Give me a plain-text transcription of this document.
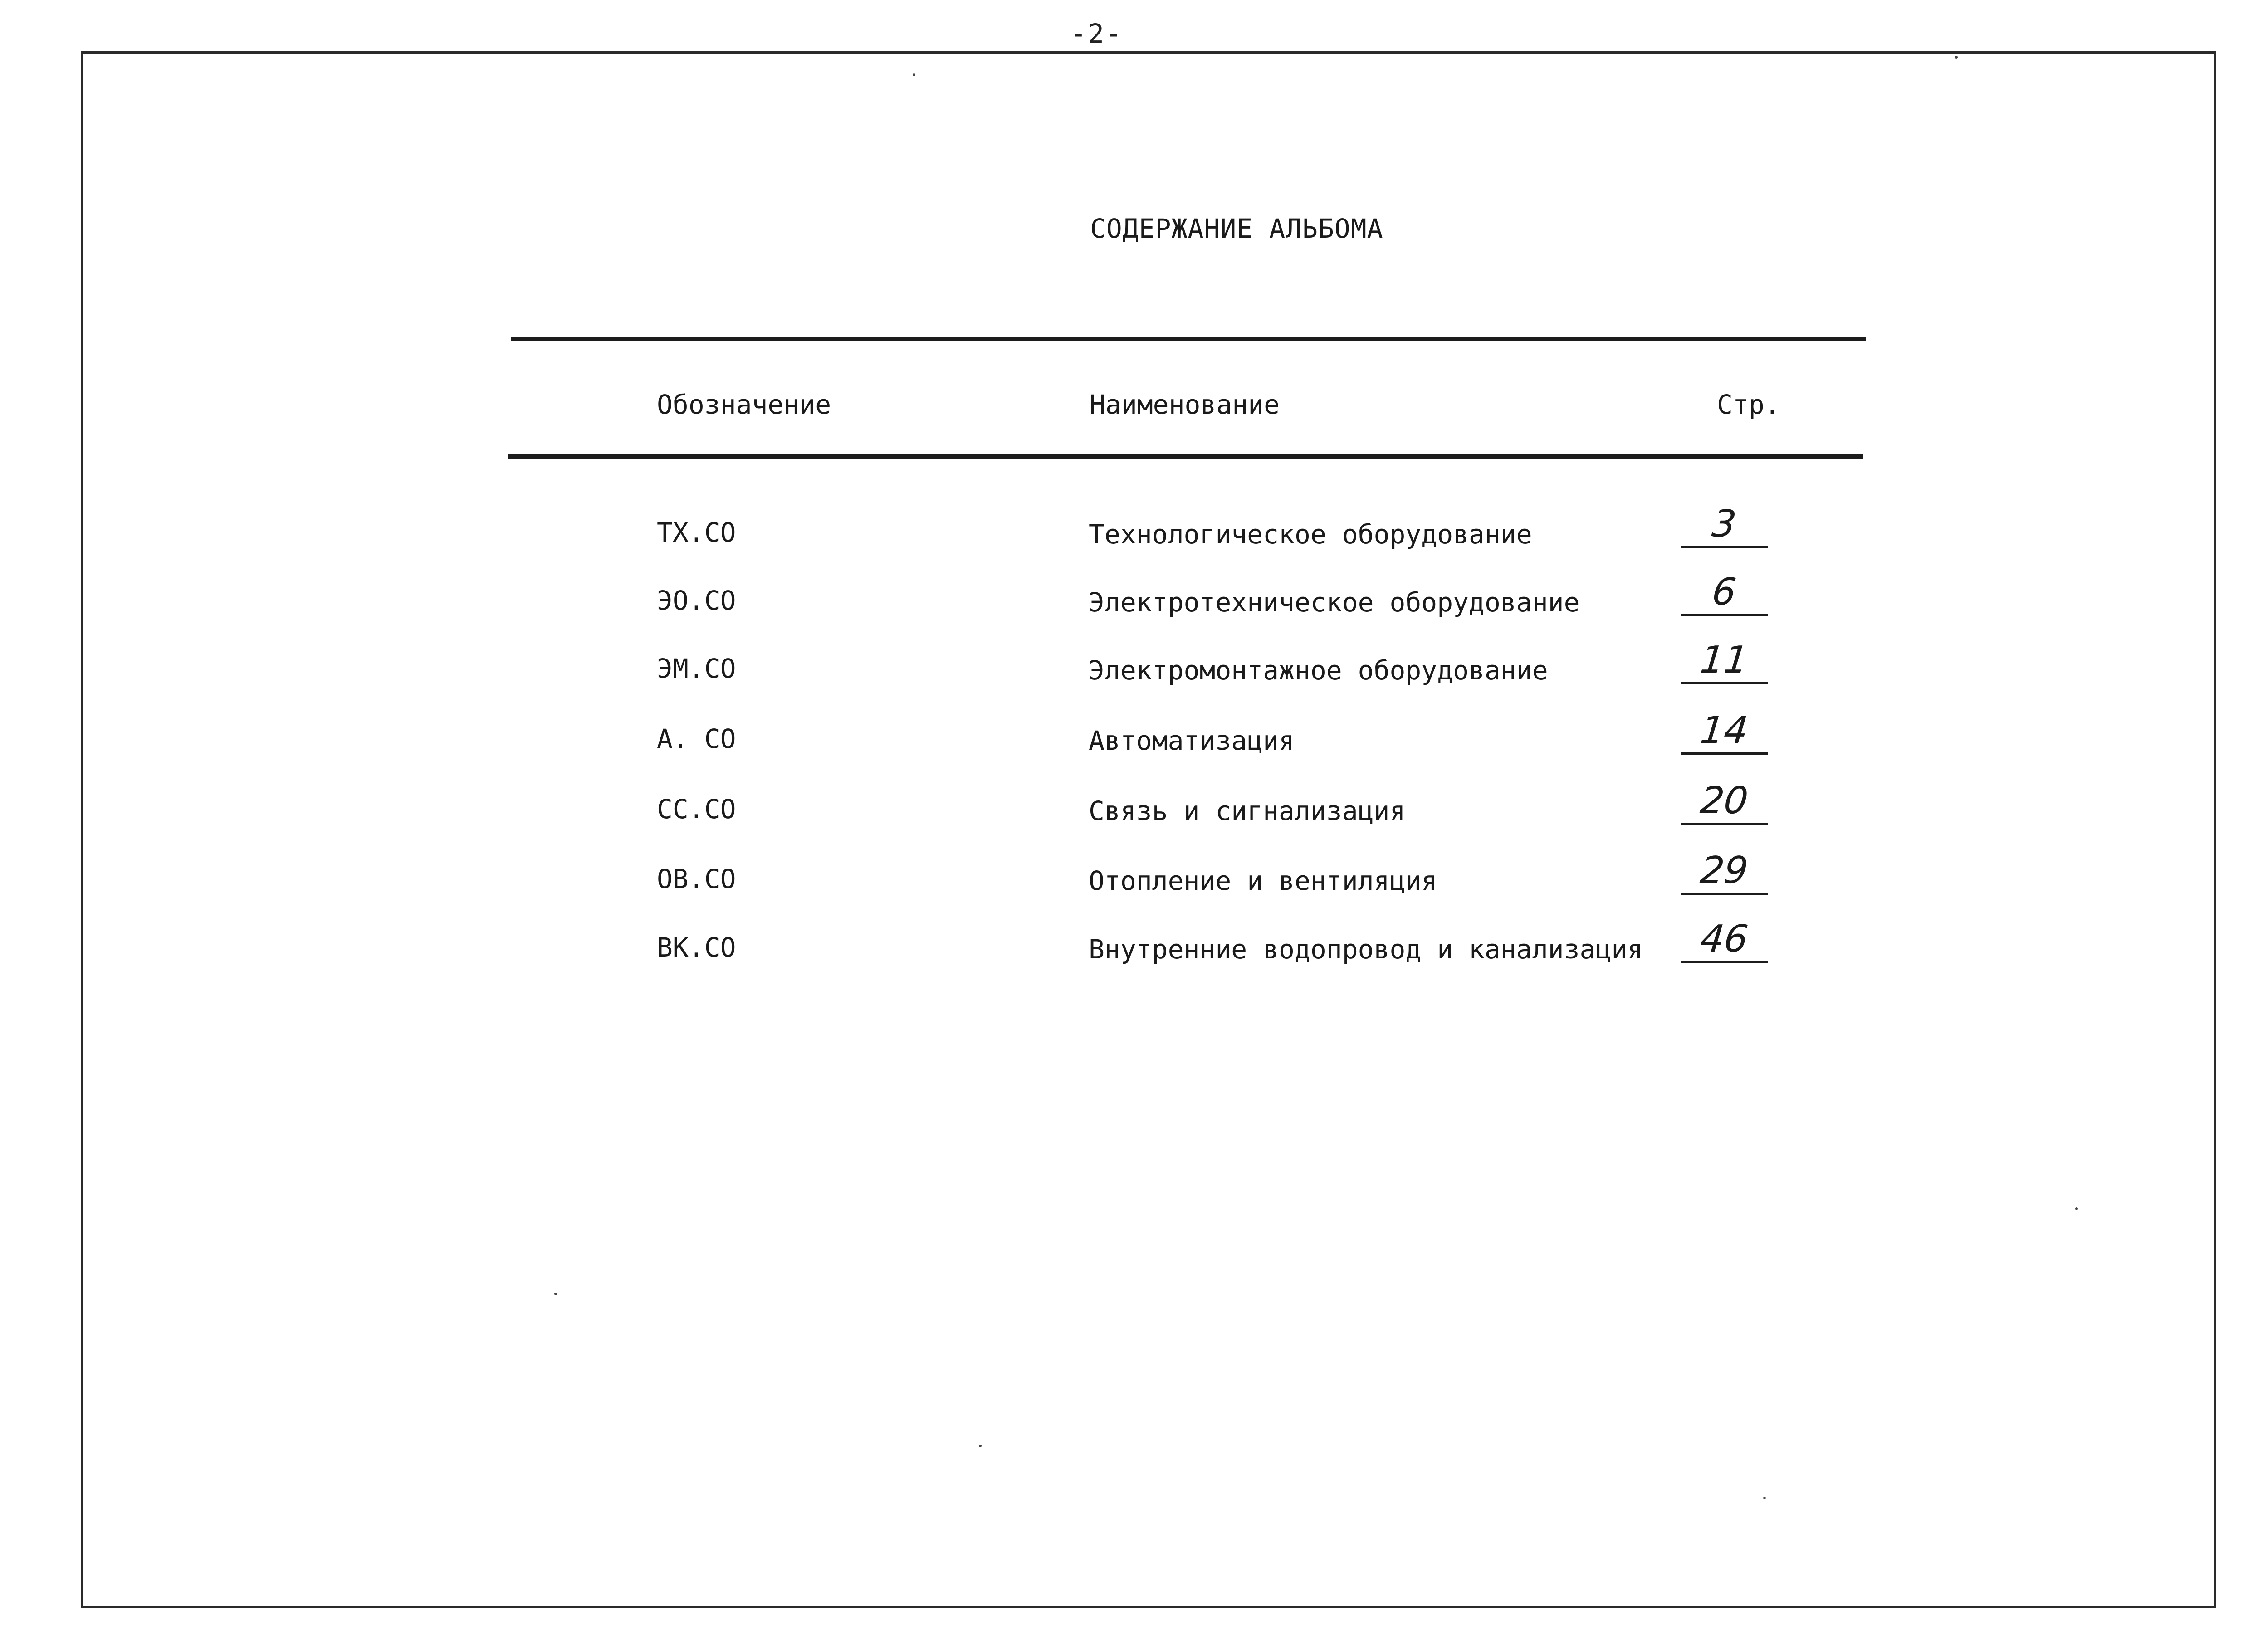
-2-
СОДЕРЖАНИЕ АЛЬБОМА
Обозначение	Наименование	Стр.
ТХ.СО	Технологическое оборудование	3
ЭО.СО	Электротехническое оборудование	6
ЭМ.СО	Электромонтажное оборудование	11
А. СО	Автоматизация	14
СС.СО	Связь и сигнализация	20
ОВ.СО	Отопление и вентиляция	29
ВК.СО	Внутренние водопровод и канализация	46
